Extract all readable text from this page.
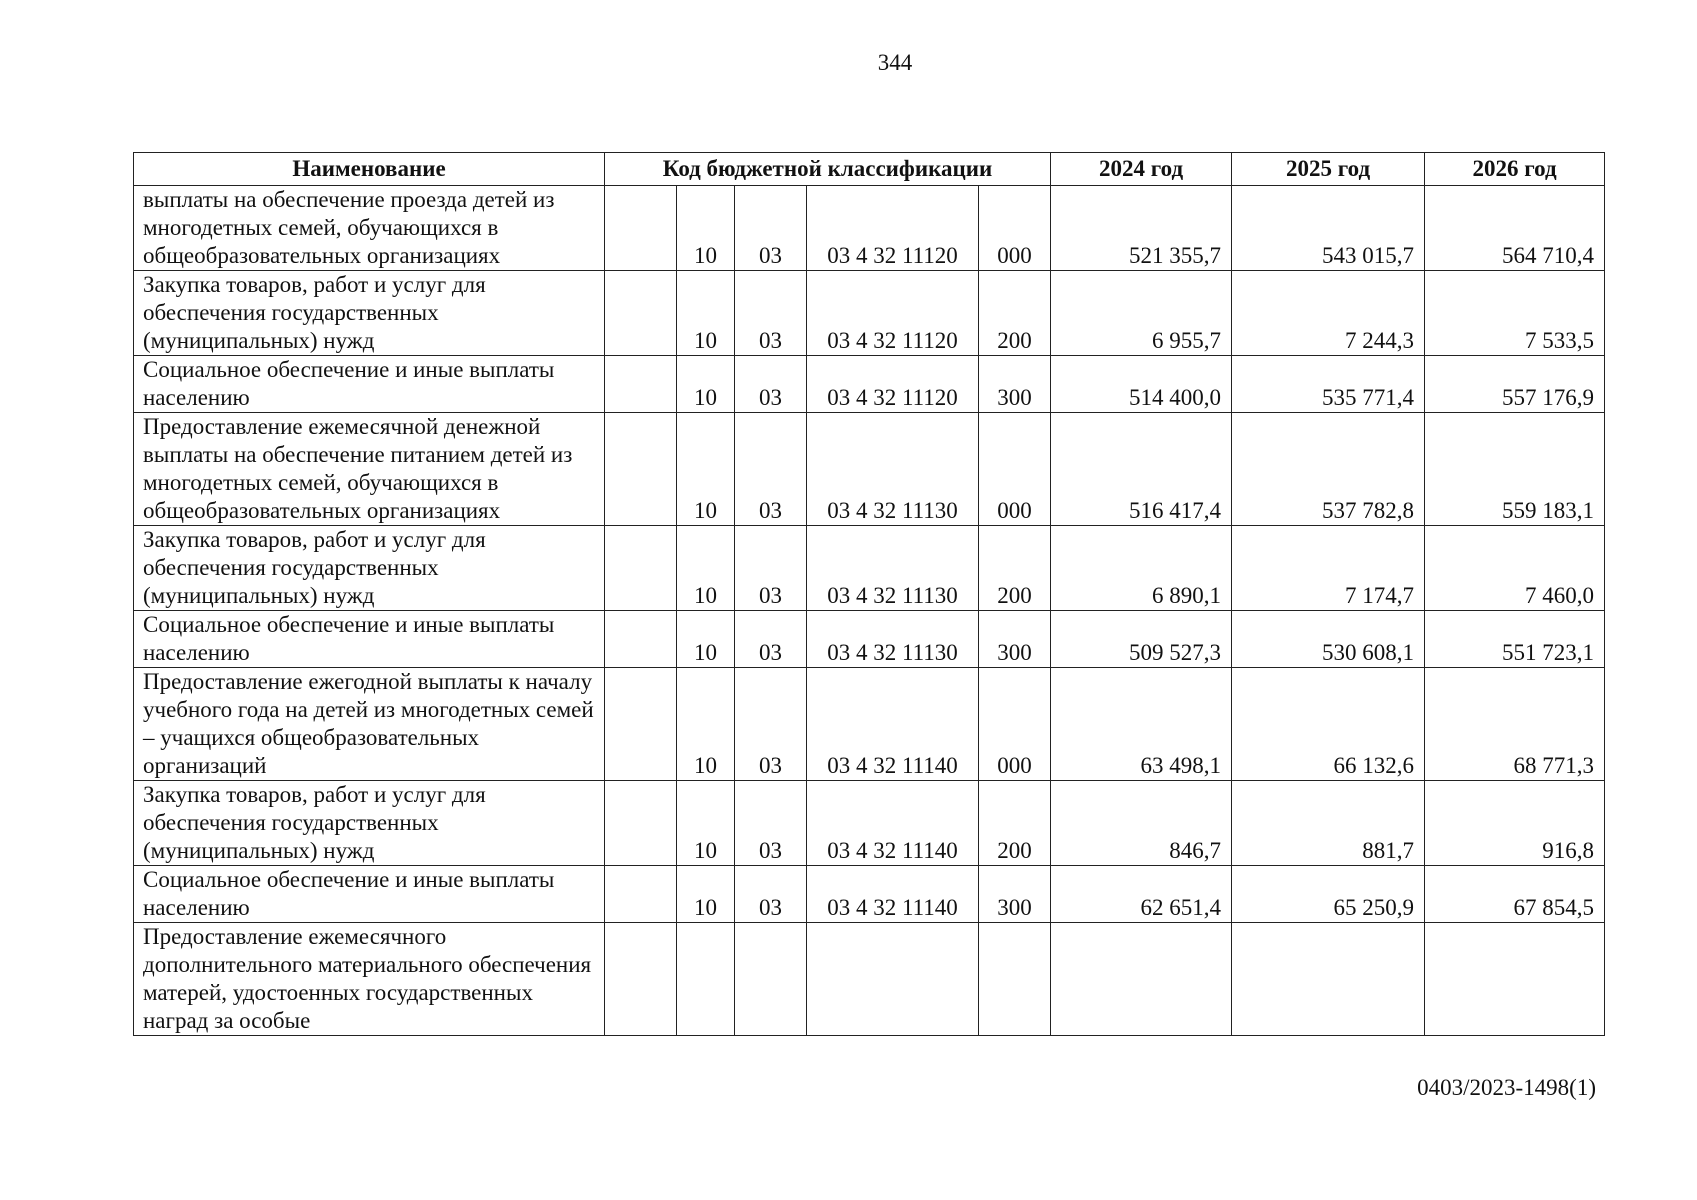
344
Наименование	Код бюджетной классификации					2024 год	2025 год	2026 год
выплаты на обеспечение проезда детей из многодетных семей, обучающихся в общеобразовательных организациях		10	03	03 4 32 11120	000	521 355,7	543 015,7	564 710,4
Закупка товаров, работ и услуг для обеспечения государственных (муниципальных) нужд		10	03	03 4 32 11120	200	6 955,7	7 244,3	7 533,5
Социальное обеспечение и иные выплаты населению		10	03	03 4 32 11120	300	514 400,0	535 771,4	557 176,9
Предоставление ежемесячной денежной выплаты на обеспечение питанием детей из многодетных семей, обучающихся в общеобразовательных организациях		10	03	03 4 32 11130	000	516 417,4	537 782,8	559 183,1
Закупка товаров, работ и услуг для обеспечения государственных (муниципальных) нужд		10	03	03 4 32 11130	200	6 890,1	7 174,7	7 460,0
Социальное обеспечение и иные выплаты населению		10	03	03 4 32 11130	300	509 527,3	530 608,1	551 723,1
Предоставление ежегодной выплаты к началу учебного года на детей из многодетных семей – учащихся общеобразовательных организаций		10	03	03 4 32 11140	000	63 498,1	66 132,6	68 771,3
Закупка товаров, работ и услуг для обеспечения государственных (муниципальных) нужд		10	03	03 4 32 11140	200	846,7	881,7	916,8
Социальное обеспечение и иные выплаты населению		10	03	03 4 32 11140	300	62 651,4	65 250,9	67 854,5
Предоставление ежемесячного дополнительного материального обеспечения матерей, удостоенных государственных наград за особые								
0403/2023-1498(1)
